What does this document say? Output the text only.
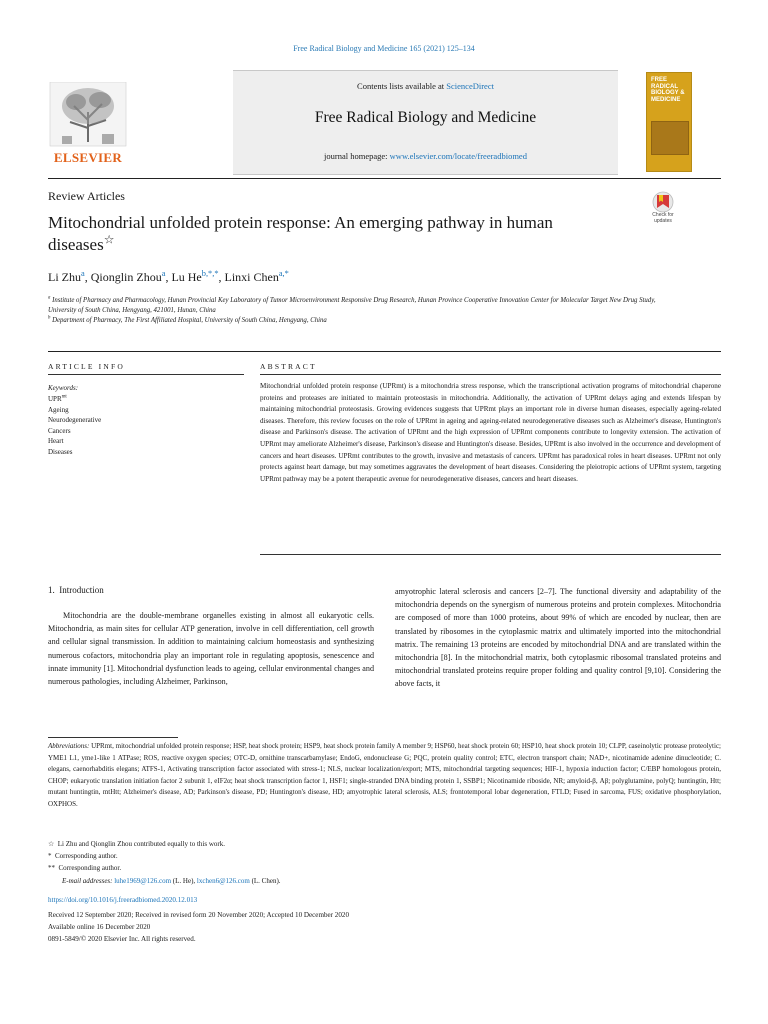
Free Radical Biology and Medicine 165 (2021) 125–134
ELSEVIER
Contents lists available at ScienceDirect
Free Radical Biology and Medicine
journal homepage: www.elsevier.com/locate/freeradbiomed
FREE RADICAL BIOLOGY & MEDICINE
Review Articles
Mitochondrial unfolded protein response: An emerging pathway in human diseases☆
Check for updates
Li Zhu$^a$, Qionglin Zhou$^a$, Lu $He^{b,*,*}$, Linxi Chen$^{a,*}$
$^a$ Institute of Pharmacy and Pharmacology, Hunan Provincial Key Laboratory of Tumor Microenvironment Responsive Drug Research, Hunan Province Cooperative Innovation Center for Molecular Target New Drug Study, University of South China, Hengyang, 421001, Hunan, China
$^b$ Department of Pharmacy, The First Affiliated Hospital, University of South China, Hengyang, China
ARTICLE INFO	ABSTRACT
Keywords:
$UPR^{mt}$
Ageing
Neurodegenerative
Cancers
Heart
Diseases
Mitochondrial unfolded protein response (UPRmt) is a mitochondria stress response, which the transcriptional activation programs of mitochondrial chaperone proteins and proteases are initiated to maintain proteostasis in mitochondria. Additionally, the activation of UPRmt delays aging and extends lifespan by maintaining mitochondrial proteostasis. Growing evidences suggests that UPRmt plays an important role in diverse human diseases, especially ageing-related diseases. Therefore, this review focuses on the role of UPRmt in ageing and ageing-related neurodegenerative diseases such as Alzheimer's disease, Huntington's disease and Parkinson's disease. The activation of UPRmt and the high expression of UPRmt components contribute to longevity extension. The activation of UPRmt may ameliorate Alzheimer's disease, Parkinson's disease and Huntington's disease. Besides, UPRmt is also involved in the occurrence and development of cancers and heart diseases. UPRmt contributes to the growth, invasive and metastasis of cancers. UPRmt has paradoxical roles in heart diseases. UPRmt not only protects against heart damage, but may sometimes aggravates the development of heart diseases. Considering the pleiotropic actions of UPRmt system, targeting UPRmt pathway may be a potent therapeutic avenue for neurodegenerative diseases, cancers and heart diseases.
1. Introduction
Mitochondria are the double-membrane organelles existing in almost all eukaryotic cells. Mitochondria, as main sites for cellular ATP generation, involve in cell differentiation, cell growth and cellular signal transmission. In addition to maintaining calcium homeostasis and synthesizing numerous cofactors, mitochondria play an important role in regulating apoptosis, senescence and innate immunity [1]. Mitochondrial dysfunction leads to ageing, cellular environmental changes and numerous pathologies, including Alzheimer, Parkinson,
amyotrophic lateral sclerosis and cancers [2–7]. The functional diversity and adaptability of the mitochondria depends on the synergism of numerous proteins and protein complexes. Mitochondria are composed of more than 1000 proteins, about 99% of which are encoded by nuclear, then are translated by ribosomes in the cytoplasmic matrix and ultimately imported into the mitochondrial matrix. The remaining 13 proteins are encoded by mitochondrial DNA and are translated within the mitochondria [8]. In the mitochondrial matrix, both cytoplasmic ribosomal translated proteins and mitochondrial translated proteins require proper folding and quality control [9,10]. Considering the above facts, it
Abbreviations: UPRmt, mitochondrial unfolded protein response; HSP, heat shock protein; HSP9, heat shock protein family A member 9; HSP60, heat shock protein 60; HSP10, heat shock protein 10; CLPP, caseinolytic protease proteolytic; YME1 L1, yme1-like 1 ATPase; ROS, reactive oxygen species; OTC-D, ornithine transcarbamylase; EndoG, endonuclease G; PQC, protein quality control; ETC, electron transport chain; NAD+, nicotinamide adenine dinucleotide; C. elegans, caenorhabditis elegans; ATFS-1, Activating transcription factor associated with stress-1; NLS, nuclear localization/export; MTS, mitochondrial targeting sequences; HIF-1, hypoxia induction factor; C/EBP homologous protein, CHOP; eukaryotic translation initiation factor 2 subunit 1, eIF2α; heat shock transcription factor 1, HSF1; single-stranded DNA binding protein 1, SSBP1; Nicotinamide riboside, NR; amyloid-β, Aβ; polyglutamine, polyQ; huntingtin, Htt; mutant huntingtin, mtHtt; Alzheimer's disease, AD; Parkinson's disease, PD; Huntington's disease, HD; amyotrophic lateral sclerosis, ALS; frontotemporal lobar degeneration, FTLD; Fused in sarcoma, FUS; oxidative phosphorylation, OXPHOS.
☆  Li Zhu and Qionglin Zhou contributed equally to this work.
*  Corresponding author.
**  Corresponding author.
E-mail addresses: luhe1969@126.com (L. He), lxchen6@126.com (L. Chen).
https://doi.org/10.1016/j.freeradbiomed.2020.12.013
Received 12 September 2020; Received in revised form 20 November 2020; Accepted 10 December 2020
Available online 16 December 2020
0891-5849/© 2020 Elsevier Inc. All rights reserved.
